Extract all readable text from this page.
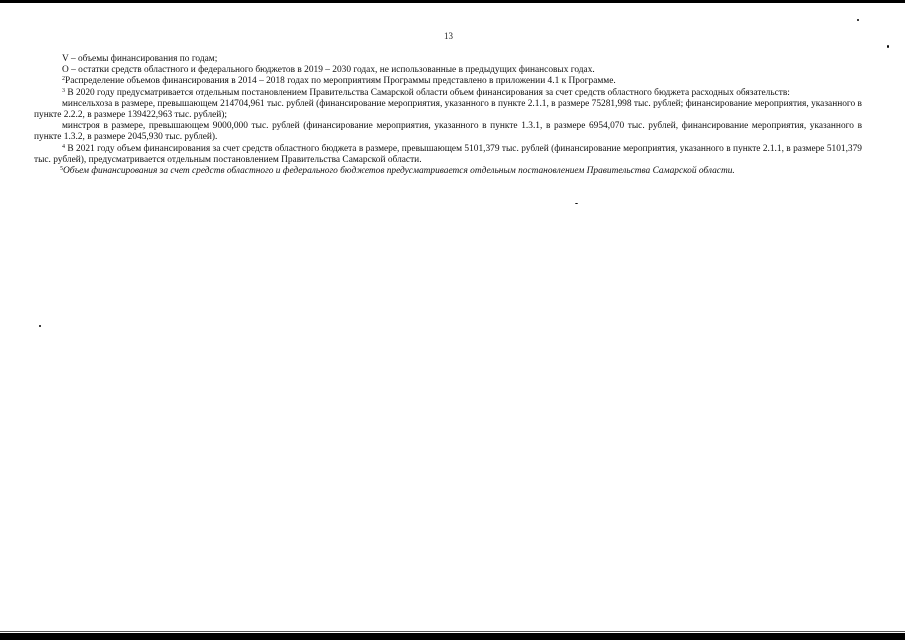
13

V – объемы финансирования по годам;

О – остатки средств областного и федерального бюджетов в 2019 – 2030 годах, не использованные в предыдущих финансовых годах.

$^2$Распределение объемов финансирования в 2014 – 2018 годах по мероприятиям Программы представлено в приложении 4.1 к Программе.

$^3$ В 2020 году предусматривается отдельным постановлением Правительства Самарской области объем финансирования за счет средств областного бюджета расходных обязательств:

минсельхоза в размере, превышающем 214704,961 тыс. рублей (финансирование мероприятия, указанного в пункте 2.1.1, в размере 75281,998 тыс. рублей; финансирование мероприятия, указанного в пункте 2.2.2, в размере 139422,963 тыс. рублей);

минстроя в размере, превышающем 9000,000 тыс. рублей (финансирование мероприятия, указанного в пункте 1.3.1, в размере 6954,070 тыс. рублей, финансирование мероприятия, указанного в пункте 1.3.2, в размере 2045,930 тыс. рублей).

$^4$ В 2021 году объем финансирования за счет средств областного бюджета в размере, превышающем 5101,379 тыс. рублей (финансирование мероприятия, указанного в пункте 2.1.1, в размере 5101,379 тыс. рублей), предусматривается отдельным постановлением Правительства Самарской области.

$^5$Объем финансирования за счет средств областного и федерального бюджетов предусматривается отдельным постановлением Правительства Самарской области.
